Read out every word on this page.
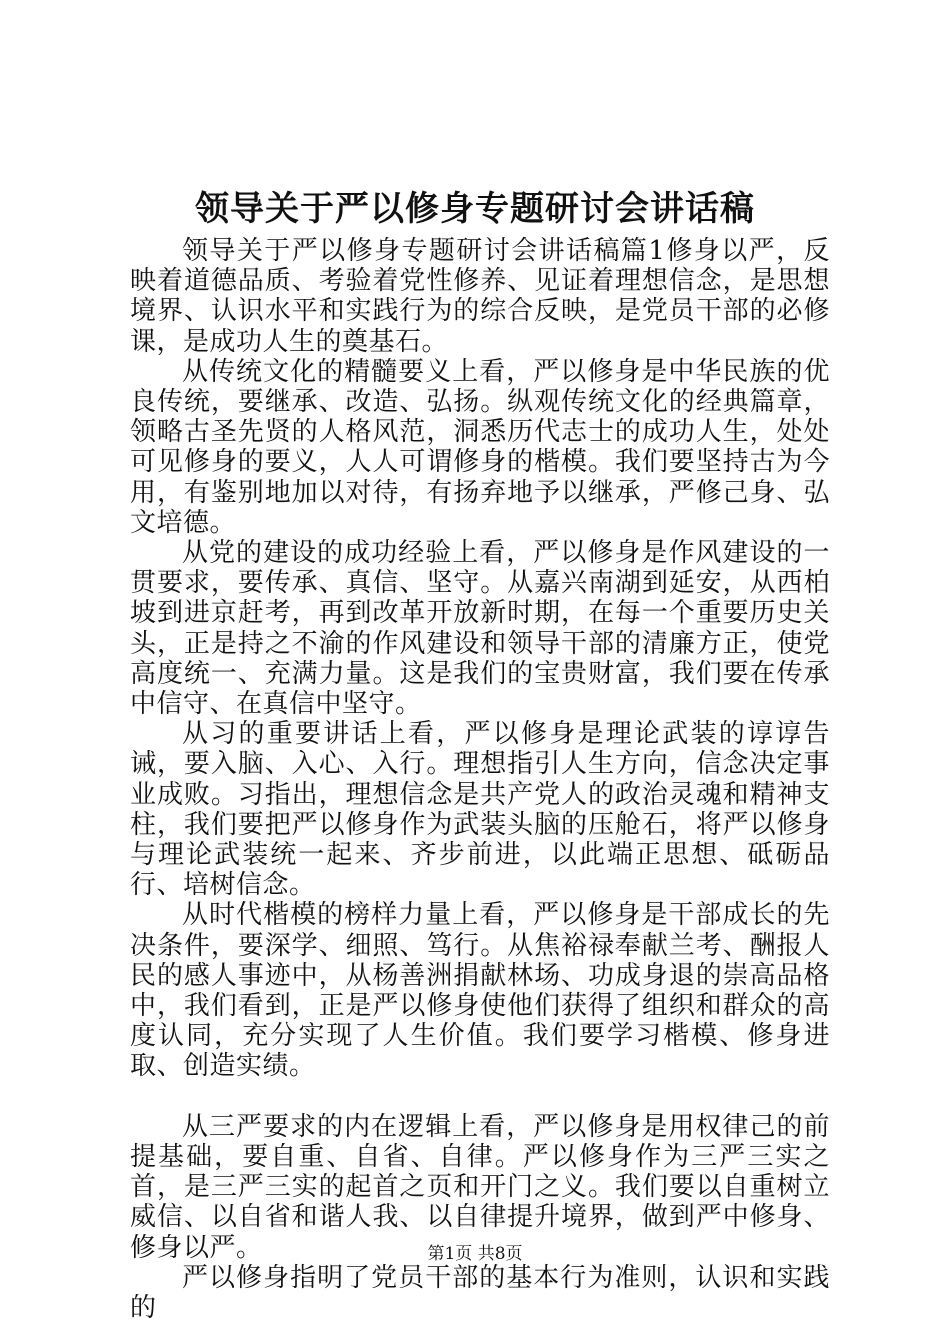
领导关于严以修身专题研讨会讲话稿

领导关于严以修身专题研讨会讲话稿篇1修身以严，反映着道德品质、考验着党性修养、见证着理想信念，是思想境界、认识水平和实践行为的综合反映，是党员干部的必修课，是成功人生的奠基石。

从传统文化的精髓要义上看，严以修身是中华民族的优良传统，要继承、改造、弘扬。纵观传统文化的经典篇章，领略古圣先贤的人格风范，洞悉历代志士的成功人生，处处可见修身的要义，人人可谓修身的楷模。我们要坚持古为今用，有鉴别地加以对待，有扬弃地予以继承，严修己身、弘文培德。

从党的建设的成功经验上看，严以修身是作风建设的一贯要求，要传承、真信、坚守。从嘉兴南湖到延安，从西柏坡到进京赶考，再到改革开放新时期，在每一个重要历史关头，正是持之不渝的作风建设和领导干部的清廉方正，使党高度统一、充满力量。这是我们的宝贵财富，我们要在传承中信守、在真信中坚守。

从习的重要讲话上看，严以修身是理论武装的谆谆告诫，要入脑、入心、入行。理想指引人生方向，信念决定事业成败。习指出，理想信念是共产党人的政治灵魂和精神支柱，我们要把严以修身作为武装头脑的压舱石，将严以修身与理论武装统一起来、齐步前进，以此端正思想、砥砺品行、培树信念。

从时代楷模的榜样力量上看，严以修身是干部成长的先决条件，要深学、细照、笃行。从焦裕禄奉献兰考、酬报人民的感人事迹中，从杨善洲捐献林场、功成身退的崇高品格中，我们看到，正是严以修身使他们获得了组织和群众的高度认同，充分实现了人生价值。我们要学习楷模、修身进取、创造实绩。

从三严要求的内在逻辑上看，严以修身是用权律己的前提基础，要自重、自省、自律。严以修身作为三严三实之首，是三严三实的起首之页和开门之义。我们要以自重树立威信、以自省和谐人我、以自律提升境界，做到严中修身、修身以严。

严以修身指明了党员干部的基本行为准则，认识和实践的

第1页 共8页
